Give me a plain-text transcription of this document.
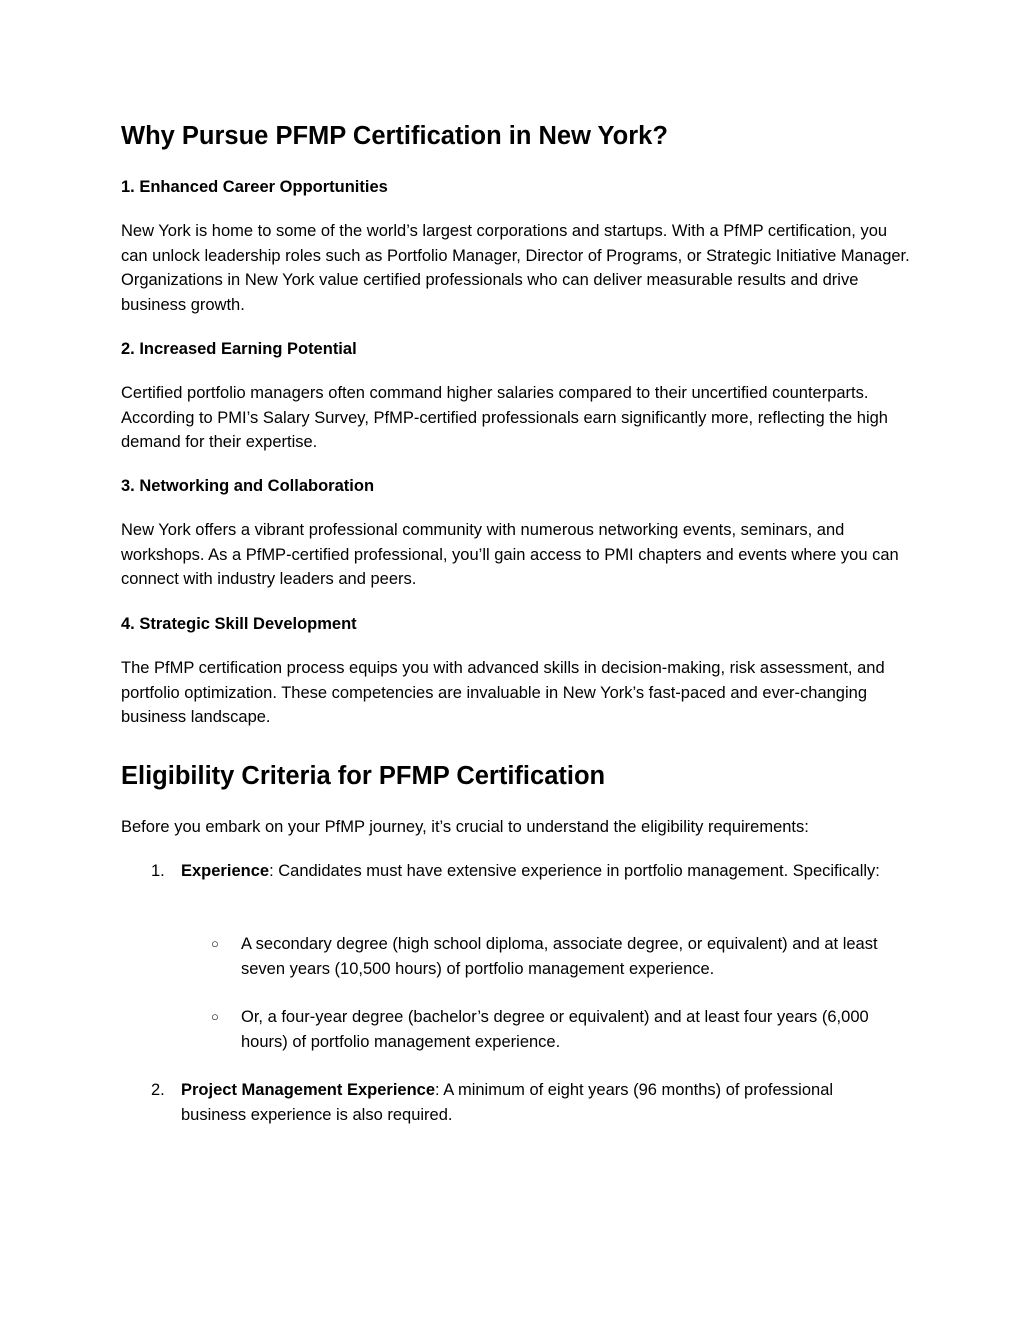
Why Pursue PFMP Certification in New York?
1. Enhanced Career Opportunities

New York is home to some of the world’s largest corporations and startups. With a PfMP certification, you can unlock leadership roles such as Portfolio Manager, Director of Programs, or Strategic Initiative Manager. Organizations in New York value certified professionals who can deliver measurable results and drive business growth.

2. Increased Earning Potential

Certified portfolio managers often command higher salaries compared to their uncertified counterparts. According to PMI’s Salary Survey, PfMP-certified professionals earn significantly more, reflecting the high demand for their expertise.

3. Networking and Collaboration

New York offers a vibrant professional community with numerous networking events, seminars, and workshops. As a PfMP-certified professional, you’ll gain access to PMI chapters and events where you can connect with industry leaders and peers.

4. Strategic Skill Development

The PfMP certification process equips you with advanced skills in decision-making, risk assessment, and portfolio optimization. These competencies are invaluable in New York’s fast-paced and ever-changing business landscape.

Eligibility Criteria for PFMP Certification

Before you embark on your PfMP journey, it’s crucial to understand the eligibility requirements:

1. Experience: Candidates must have extensive experience in portfolio management. Specifically:
○ A secondary degree (high school diploma, associate degree, or equivalent) and at least seven years (10,500 hours) of portfolio management experience.
○ Or, a four-year degree (bachelor’s degree or equivalent) and at least four years (6,000 hours) of portfolio management experience.
2. Project Management Experience: A minimum of eight years (96 months) of professional business experience is also required.
